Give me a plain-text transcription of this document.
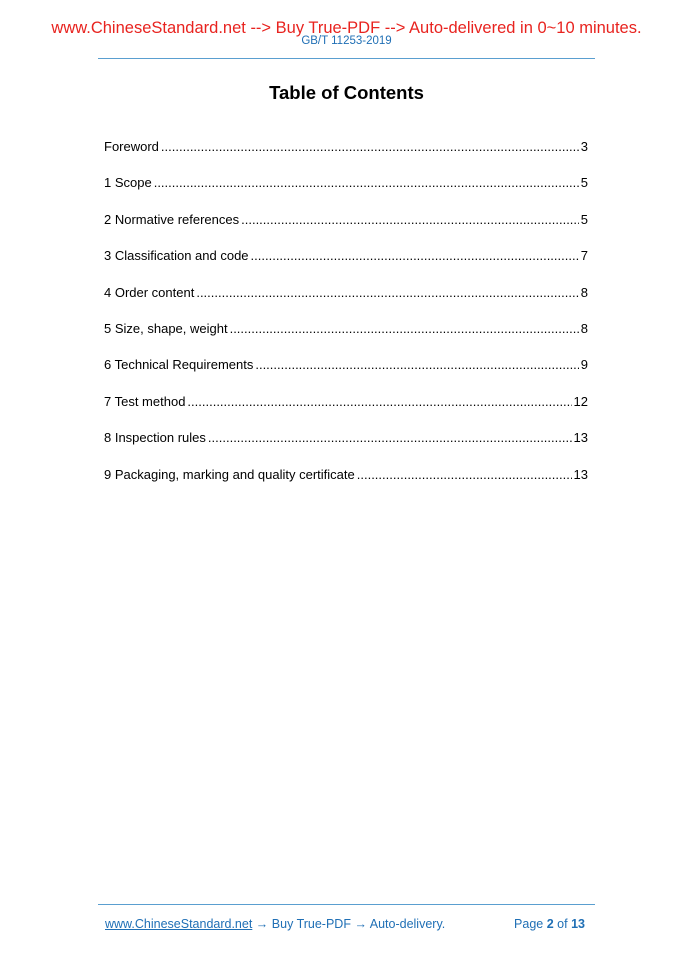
www.ChineseStandard.net --> Buy True-PDF --> Auto-delivered in 0~10 minutes.
GB/T 11253-2019
Table of Contents
Foreword .....	3
1 Scope .....	5
2 Normative references .....	5
3 Classification and code .....	7
4 Order content .....	8
5 Size, shape, weight .....	8
6 Technical Requirements .....	9
7 Test method .....	12
8 Inspection rules .....	13
9 Packaging, marking and quality certificate .....	13
www.ChineseStandard.net → Buy True-PDF → Auto-delivery.	Page 2 of 13
